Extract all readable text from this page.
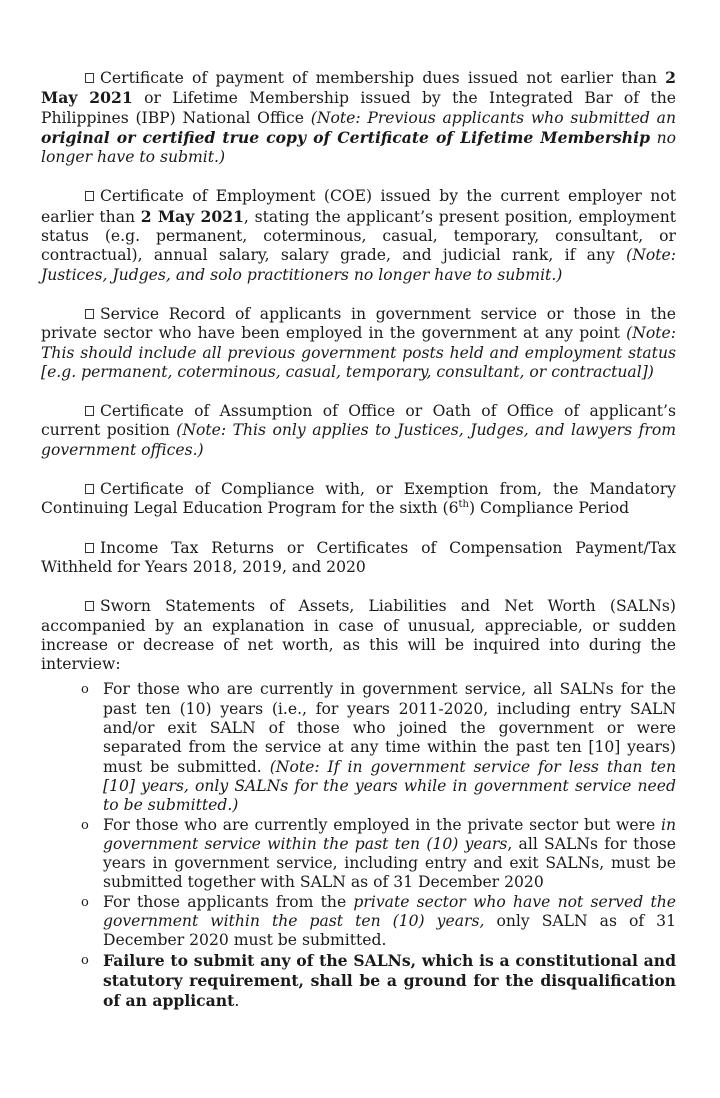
Certificate of payment of membership dues issued not earlier than 2 May 2021 or Lifetime Membership issued by the Integrated Bar of the Philippines (IBP) National Office (Note: Previous applicants who submitted an original or certified true copy of Certificate of Lifetime Membership no longer have to submit.)
Certificate of Employment (COE) issued by the current employer not earlier than 2 May 2021, stating the applicant’s present position, employment status (e.g. permanent, coterminous, casual, temporary, consultant, or contractual), annual salary, salary grade, and judicial rank, if any (Note: Justices, Judges, and solo practitioners no longer have to submit.)
Service Record of applicants in government service or those in the private sector who have been employed in the government at any point (Note: This should include all previous government posts held and employment status [e.g. permanent, coterminous, casual, temporary, consultant, or contractual])
Certificate of Assumption of Office or Oath of Office of applicant’s current position (Note: This only applies to Justices, Judges, and lawyers from government offices.)
Certificate of Compliance with, or Exemption from, the Mandatory Continuing Legal Education Program for the sixth (6th) Compliance Period
Income Tax Returns or Certificates of Compensation Payment/Tax Withheld for Years 2018, 2019, and 2020
Sworn Statements of Assets, Liabilities and Net Worth (SALNs) accompanied by an explanation in case of unusual, appreciable, or sudden increase or decrease of net worth, as this will be inquired into during the interview:
o For those who are currently in government service, all SALNs for the past ten (10) years (i.e., for years 2011-2020, including entry SALN and/or exit SALN of those who joined the government or were separated from the service at any time within the past ten [10] years) must be submitted. (Note: If in government service for less than ten [10] years, only SALNs for the years while in government service need to be submitted.)
o For those who are currently employed in the private sector but were in government service within the past ten (10) years, all SALNs for those years in government service, including entry and exit SALNs, must be submitted together with SALN as of 31 December 2020
o For those applicants from the private sector who have not served the government within the past ten (10) years, only SALN as of 31 December 2020 must be submitted.
o Failure to submit any of the SALNs, which is a constitutional and statutory requirement, shall be a ground for the disqualification of an applicant.
